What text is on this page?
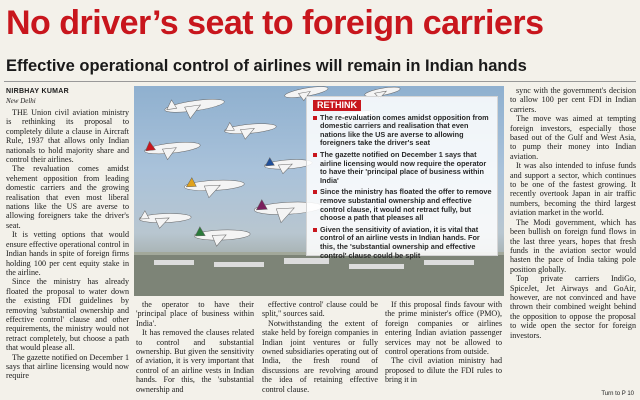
No driver’s seat to foreign carriers
Effective operational control of airlines will remain in Indian hands
NIRBHAY KUMAR
New Delhi

THE Union civil aviation ministry is rethinking its proposal to completely dilute a clause in Aircraft Rule, 1937 that allows only Indian nationals to hold majority share and control their airlines.

The revaluation comes amidst vehement opposition from leading domestic carriers and the growing realisation that even most liberal nations like the US are averse to allowing foreigners take the driver's seat.

It is vetting options that would ensure effective operational control in Indian hands in spite of foreign firms holding 100 per cent equity stake in the airline.

Since the ministry has already floated the proposal to water down the existing FDI guidelines by removing 'substantial ownership and effective control' clause and other requirements, the ministry would not retract completely, but choose a path that would please all.

The gazette notified on December 1 says that airline licensing would now require

RETHINK
The re-evaluation comes amidst opposition from domestic carriers and realisation that even nations like the US are averse to allowing foreigners take the driver's seat
The gazette notified on December 1 says that airline licensing would now require the operator to have their 'principal place of business within India'
Since the ministry has floated the offer to remove remove substantial ownership and effective control clause, it would not retract fully, but choose a path that pleases all
Given the sensitivity of aviation, it is vital that control of an airline vests in Indian hands. For this, the 'substantial ownership and effective control' clause could be split

the operator to have their 'principal place of business within India'.

It has removed the clauses related to control and substantial ownership. But given the sensitivity of aviation, it is very important that control of an airline vests in Indian hands. For this, the 'substantial ownership and

effective control' clause could be split," sources said.

Notwithstanding the extent of stake held by foreign companies in Indian joint ventures or fully owned subsidiaries operating out of India, the fresh round of discussions are revolving around the idea of retaining effective control clause.

If this proposal finds favour with the prime minister's office (PMO), foreign companies or airlines entering Indian aviation passenger services may not be allowed to control operations from outside.

The civil aviation ministry had proposed to dilute the FDI rules to bring it in

sync with the government's decision to allow 100 per cent FDI in Indian carriers.

The move was aimed at tempting foreign investors, especially those based out of the Gulf and West Asia, to pump their money into Indian aviation.

It was also intended to infuse funds and support a sector, which continues to be one of the fastest growing. It recently overtook Japan in air traffic numbers, becoming the third largest aviation market in the world.

The Modi government, which has been bullish on foreign fund flows in the last three years, hopes that fresh funds in the aviation sector would hasten the pace of India taking pole position globally.

Top private carriers IndiGo, SpiceJet, Jet Airways and GoAir, however, are not convinced and have thrown their combined weight behind the opposition to oppose the proposal to wide open the sector for foreign investors.

Turn to P 10
